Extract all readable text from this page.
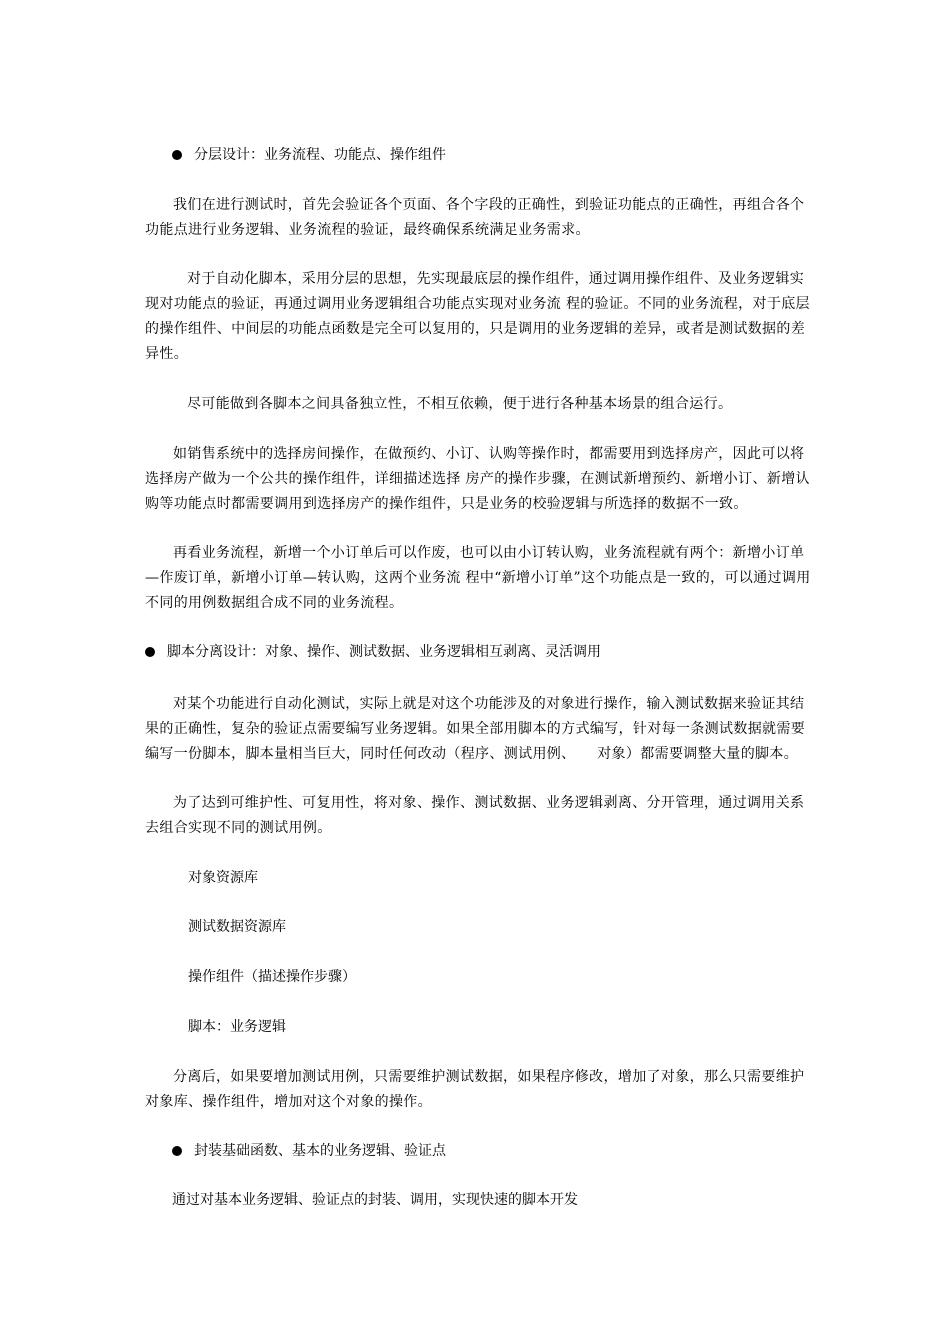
分层设计：业务流程、功能点、操作组件
我们在进行测试时，首先会验证各个页面、各个字段的正确性，到验证功能点的正确性，再组合各个功能点进行业务逻辑、业务流程的验证，最终确保系统满足业务需求。
对于自动化脚本，采用分层的思想，先实现最底层的操作组件，通过调用操作组件、及业务逻辑实现对功能点的验证，再通过调用业务逻辑组合功能点实现对业务流 程的验证。不同的业务流程，对于底层的操作组件、中间层的功能点函数是完全可以复用的，只是调用的业务逻辑的差异，或者是测试数据的差异性。
尽可能做到各脚本之间具备独立性，不相互依赖，便于进行各种基本场景的组合运行。
如销售系统中的选择房间操作，在做预约、小订、认购等操作时，都需要用到选择房产，因此可以将选择房产做为一个公共的操作组件，详细描述选择 房产的操作步骤，在测试新增预约、新增小订、新增认购等功能点时都需要调用到选择房产的操作组件，只是业务的校验逻辑与所选择的数据不一致。
再看业务流程，新增一个小订单后可以作废，也可以由小订转认购，业务流程就有两个：新增小订单—作废订单，新增小订单—转认购，这两个业务流 程中“新增小订单”这个功能点是一致的，可以通过调用不同的用例数据组合成不同的业务流程。
脚本分离设计：对象、操作、测试数据、业务逻辑相互剥离、灵活调用
对某个功能进行自动化测试，实际上就是对这个功能涉及的对象进行操作，输入测试数据来验证其结果的正确性，复杂的验证点需要编写业务逻辑。如果全部用脚本的方式编写，针对每一条测试数据就需要编写一份脚本，脚本量相当巨大，同时任何改动（程序、测试用例、　　对象）都需要调整大量的脚本。
为了达到可维护性、可复用性，将对象、操作、测试数据、业务逻辑剥离、分开管理，通过调用关系去组合实现不同的测试用例。
对象资源库
测试数据资源库
操作组件（描述操作步骤）
脚本：业务逻辑
分离后，如果要增加测试用例，只需要维护测试数据，如果程序修改，增加了对象，那么只需要维护对象库、操作组件，增加对这个对象的操作。
封装基础函数、基本的业务逻辑、验证点
通过对基本业务逻辑、验证点的封装、调用，实现快速的脚本开发
